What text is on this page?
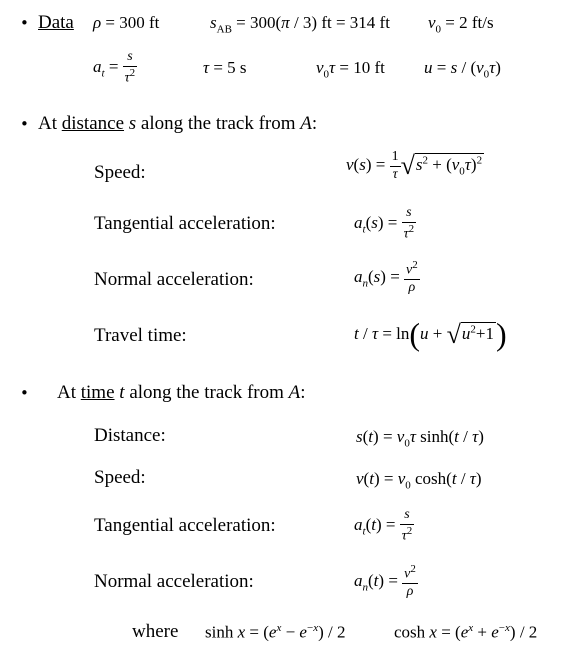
• Data ρ = 300 ft	$s_{AB} = 300(\pi / 3)$ ft = 314 ft $v_0 = 2$ ft/s
$a_t = \frac{s}{\tau^2}$	τ = 5 s	$v_0\tau = 10$ ft $u = s / (v_0\tau)$
• At distance s along the track from A:
Speed:	$v(s) = \frac{1}{\tau} √s^2 + (v_0\tau)^2$
Tangential acceleration:	$a_t(s) = \frac{s}{\tau^2}$
Normal acceleration:	$a_n(s) = \frac{v^2}{\rho}$
Travel time:	$t / \tau = \ln(u + √u^2+1)$
• At time t along the track from A:
Distance:	$s(t) = v_0\tau$ sinh(t / τ)
Speed:	$v(t) = v_0$ cosh(t / τ)
Tangential acceleration:	$a_t(t) = \frac{s}{\tau^2}$
Normal acceleration:	$a_n(t) = \frac{v^2}{\rho}$
where $\sinh x = (e^x - e^{-x}) / 2$	$\cosh x = (e^x + e^{-x}) / 2$
